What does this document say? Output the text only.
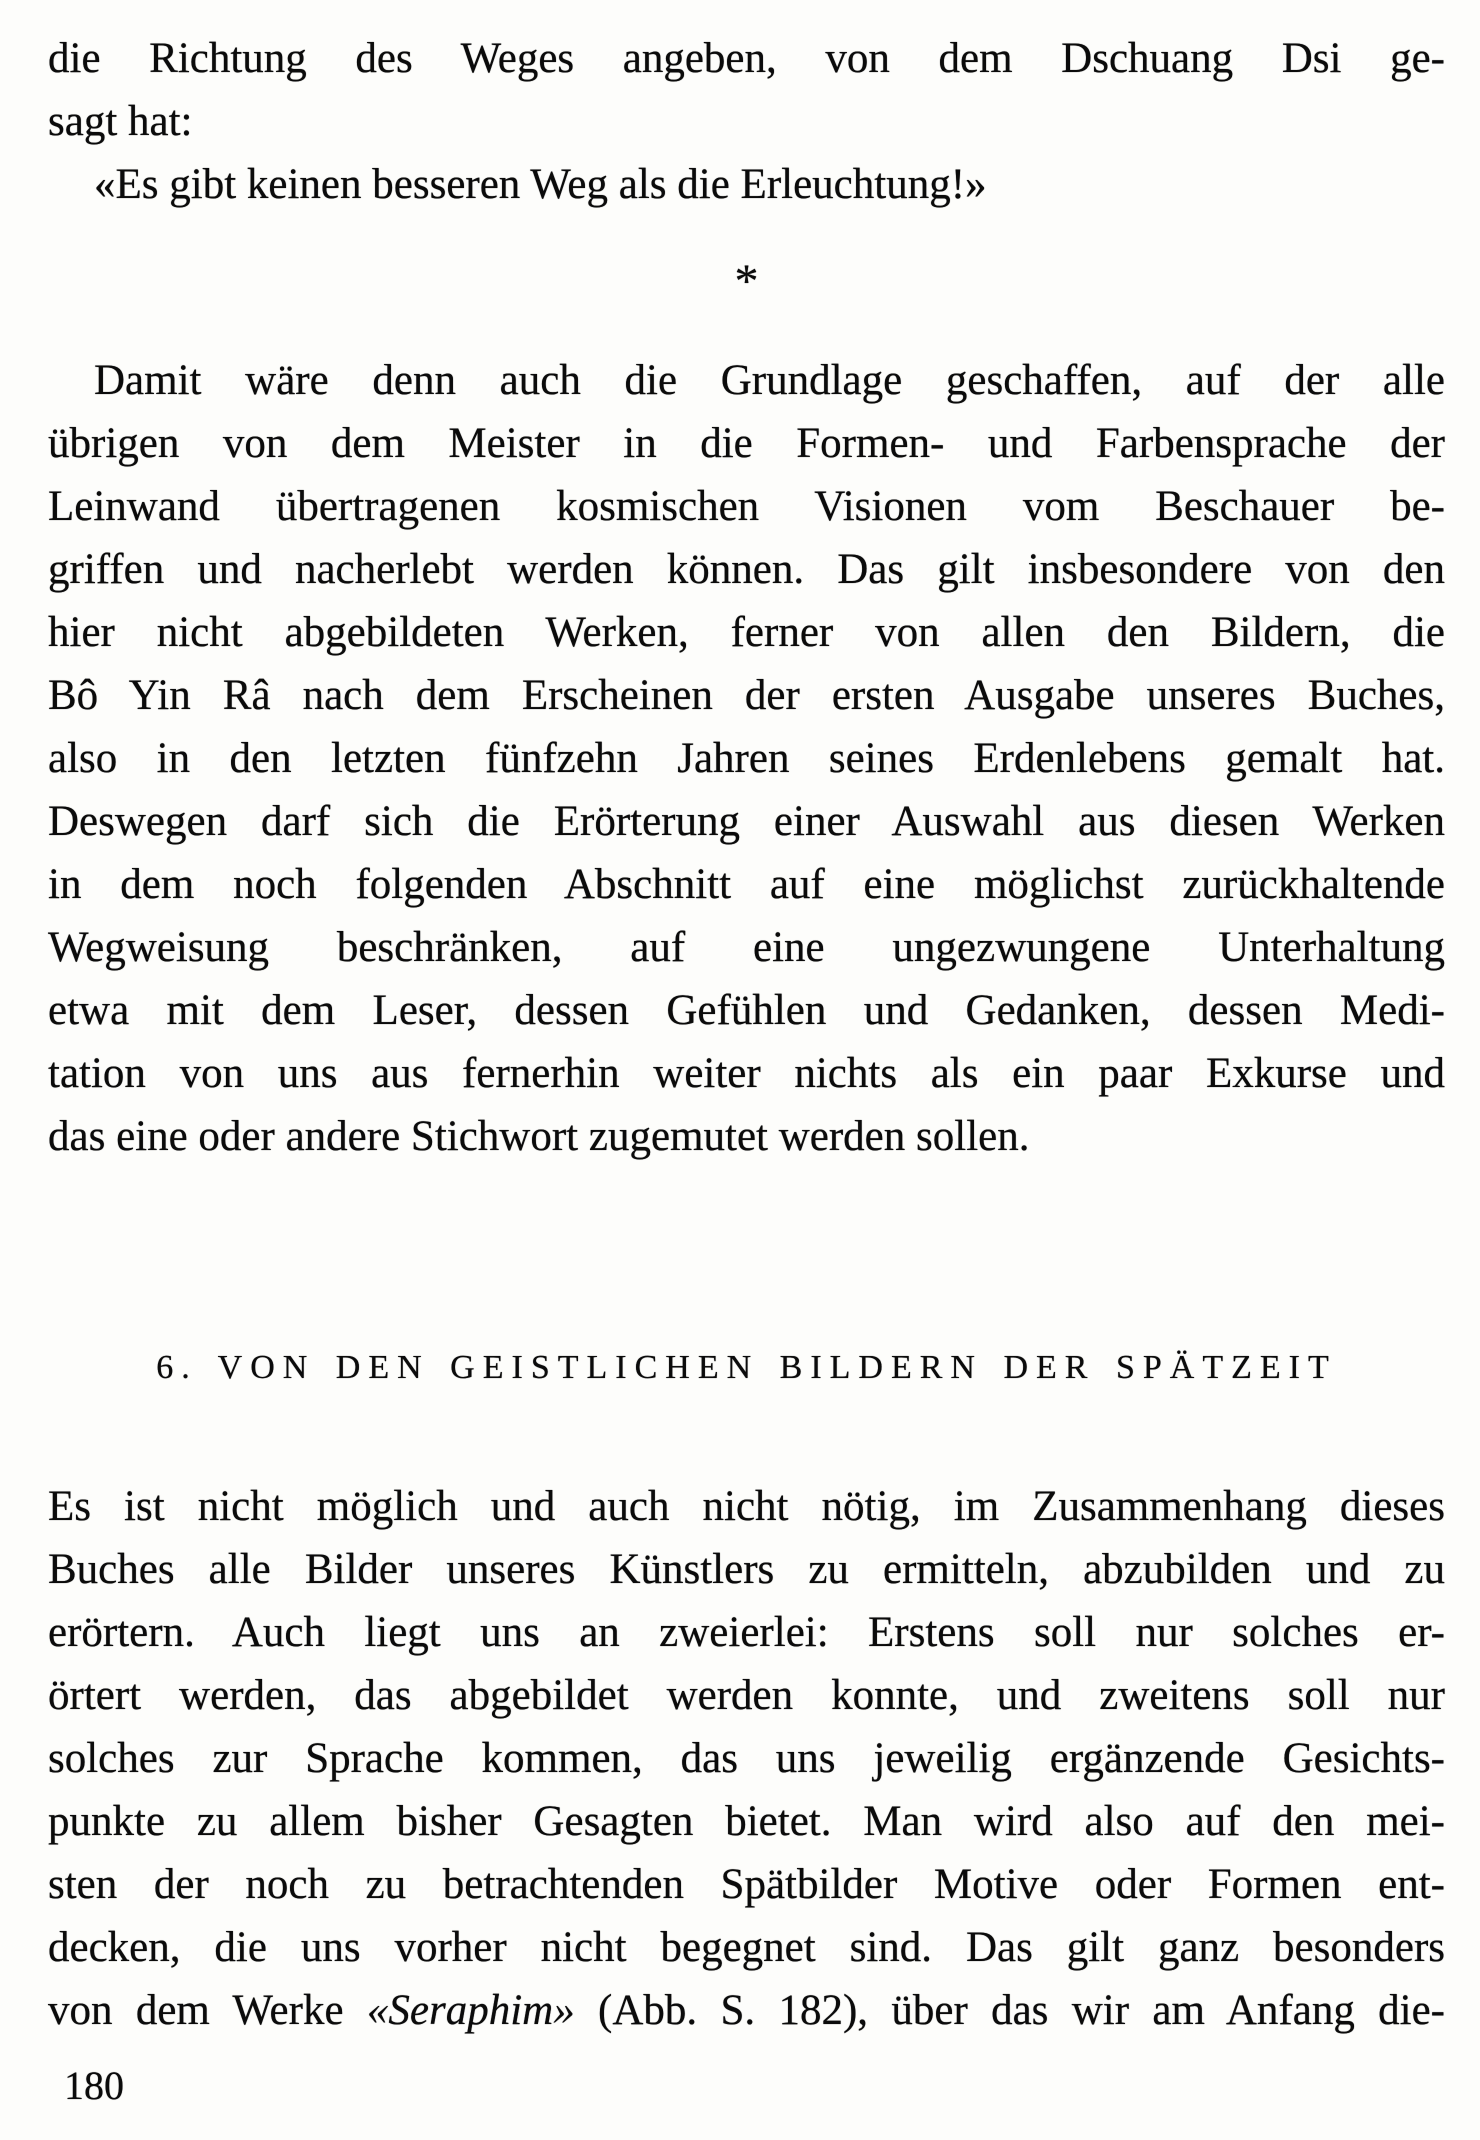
die Richtung des Weges angeben, von dem Dschuang Dsi ge-
sagt hat:
«Es gibt keinen besseren Weg als die Erleuchtung!»
*
Damit wäre denn auch die Grundlage geschaffen, auf der alle
übrigen von dem Meister in die Formen- und Farbensprache der
Leinwand übertragenen kosmischen Visionen vom Beschauer be-
griffen und nacherlebt werden können. Das gilt insbesondere von den
hier nicht abgebildeten Werken, ferner von allen den Bildern, die
Bô Yin Râ nach dem Erscheinen der ersten Ausgabe unseres Buches,
also in den letzten fünfzehn Jahren seines Erdenlebens gemalt hat.
Deswegen darf sich die Erörterung einer Auswahl aus diesen Werken
in dem noch folgenden Abschnitt auf eine möglichst zurückhaltende
Wegweisung beschränken, auf eine ungezwungene Unterhaltung
etwa mit dem Leser, dessen Gefühlen und Gedanken, dessen Medi-
tation von uns aus fernerhin weiter nichts als ein paar Exkurse und
das eine oder andere Stichwort zugemutet werden sollen.
6. VON DEN GEISTLICHEN BILDERN DER SPÄTZEIT
Es ist nicht möglich und auch nicht nötig, im Zusammenhang dieses
Buches alle Bilder unseres Künstlers zu ermitteln, abzubilden und zu
erörtern. Auch liegt uns an zweierlei: Erstens soll nur solches er-
örtert werden, das abgebildet werden konnte, und zweitens soll nur
solches zur Sprache kommen, das uns jeweilig ergänzende Gesichts-
punkte zu allem bisher Gesagten bietet. Man wird also auf den mei-
sten der noch zu betrachtenden Spätbilder Motive oder Formen ent-
decken, die uns vorher nicht begegnet sind. Das gilt ganz besonders
von dem Werke «Seraphim» (Abb. S. 182), über das wir am Anfang die-
180
